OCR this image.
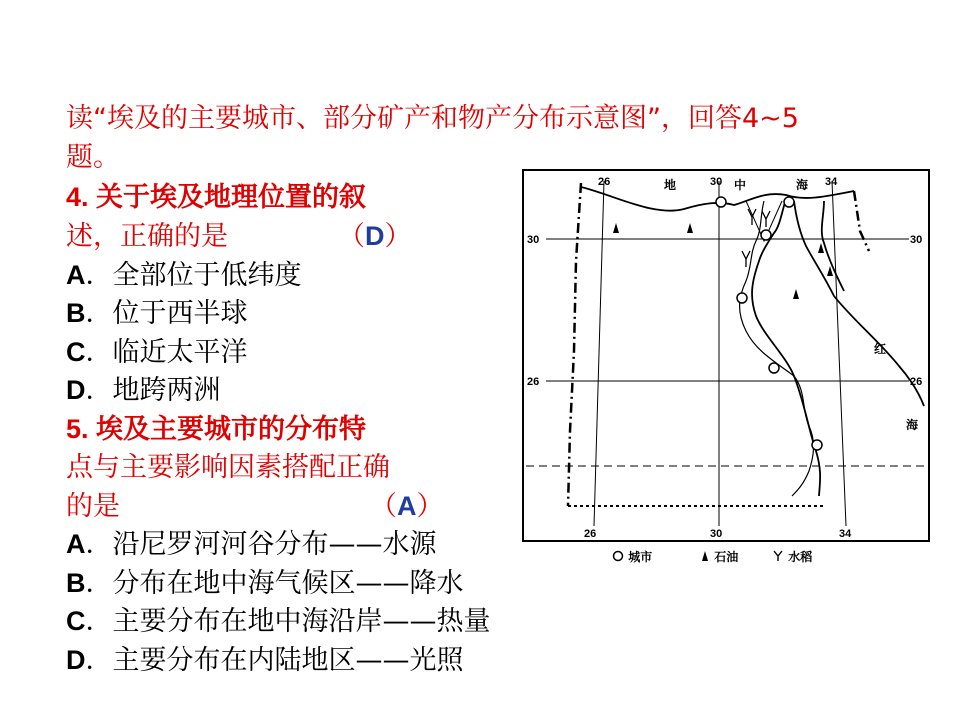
读“埃及的主要城市、部分矿产和物产分布示意图”，回答4~5
题。
4. 关于埃及地理位置的叙
述，正确的是	（D）
A．全部位于低纬度
B．位于西半球
C．临近太平洋
D．地跨两洲
5. 埃及主要城市的分布特
点与主要影响因素搭配正确
的是	（A）
A．沿尼罗河河谷分布——水源
B．分布在地中海气候区——降水
C．主要分布在地中海沿岸——热量
D．主要分布在内陆地区——光照
26	30	34
26	30	34
30
26
30
26
地	中	海
红
海
城市	石油	水稻
